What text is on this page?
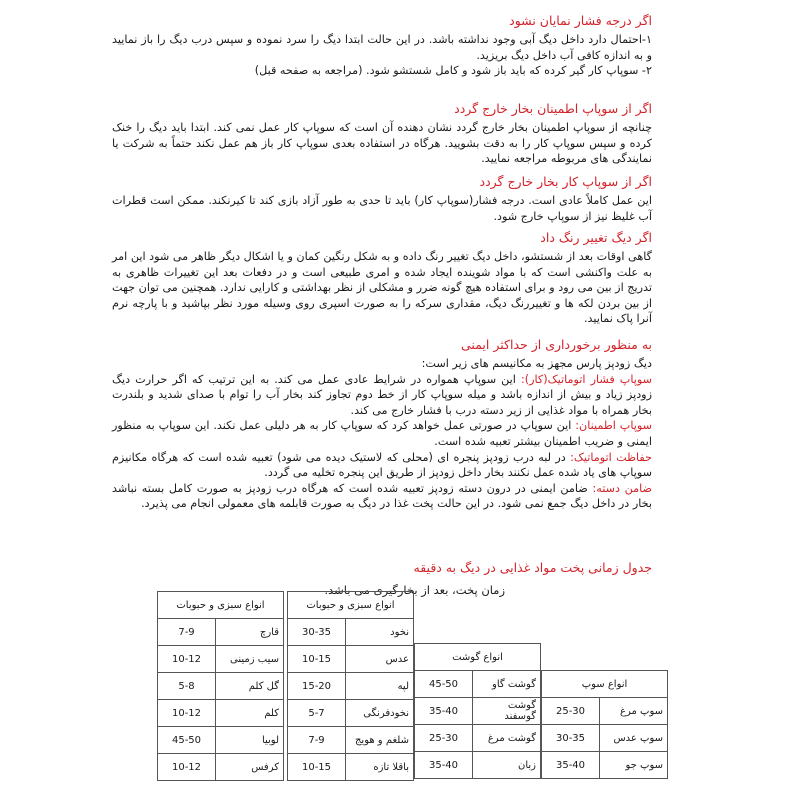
اگر درجه فشار نمایان نشود

۱-احتمال دارد داخل دیگ آبی وجود نداشته باشد. در این حالت ابتدا دیگ را سرد نموده و سپس درب دیگ را باز نمایید و به اندازه کافی آب داخل دیگ بریزید.

۲- سوپاپ کار گیر کرده که باید باز شود و کامل شستشو شود. (مراجعه به صفحه قبل)

اگر از سوپاپ اطمینان بخار خارج گردد

چنانچه از سوپاپ اطمینان بخار خارج گردد نشان دهنده آن است که سوپاپ کار عمل نمی کند. ابتدا باید دیگ را خنک کرده و سپس سوپاپ کار را به دقت بشویید. هرگاه در استفاده بعدی سوپاپ کار باز هم عمل نکند حتماً به شرکت یا نمایندگی های مربوطه مراجعه نمایید.

اگر از سوپاپ کار بخار خارج گردد

این عمل کاملاً عادی است. درجه فشار(سوپاپ کار) باید تا حدی به طور آزاد بازی کند تا کیرنکند. ممکن است قطرات آب غلیظ نیز از سوپاپ خارج شود.

اگر دیگ تغییر رنگ داد

گاهی اوقات بعد از شستشو، داخل دیگ تغییر رنگ داده و به شکل رنگین کمان و یا اشکال دیگر ظاهر می شود این امر به علت واکنشی است که با مواد شوینده ایجاد شده و امری طبیعی است و در دفعات بعد این تغییرات ظاهری به تدریج از بین می رود و برای استفاده هیچ گونه ضرر و مشکلی از نظر بهداشتی و کارایی ندارد. همچنین می توان جهت از بین بردن لکه ها و تغییررنگ دیگ، مقداری سرکه را به صورت اسپری روی وسیله مورد نظر بپاشید و با پارچه نرم آنرا پاک نمایید.

به منظور برخورداری از حداکثر ایمنی

دیگ زودپز پارس مجهز به مکانیسم های زیر است:

سوپاپ فشار اتوماتیک(کار): این سوپاپ همواره در شرایط عادی عمل می کند. به این ترتیب که اگر حرارت دیگ زودپز زیاد و بیش از اندازه باشد و میله سوپاپ کار از خط دوم تجاوز کند بخار آب را توام با صدای شدید و بلندرت بخار همراه با مواد غذایی از زیر دسته درب با فشار خارج می کند.

سوپاپ اطمینان: این سوپاپ در صورتی عمل خواهد کرد که سوپاپ کار به هر دلیلی عمل نکند. این سوپاپ به منظور ایمنی و ضریب اطمینان بیشتر تعبیه شده است.

حفاظت اتوماتیک: در لبه درب زودپز پنجره ای (محلی که لاستیک دیده می شود) تعبیه شده است که هرگاه مکانیزم سوپاپ های یاد شده عمل نکنند بخار داخل زودپز از طریق این پنجره تخلیه می گردد.

ضامن دسته: ضامن ایمنی در درون دسته زودپز تعبیه شده است که هرگاه درب زودپز به صورت کامل بسته نباشد بخار در داخل دیگ جمع نمی شود. در این حالت پخت غذا در دیگ به صورت قابلمه های معمولی انجام می پذیرد.

جدول زمانی پخت مواد غذایی در دیگ به دقیقه

زمان پخت، بعد از بخارگیری می باشد.

انواع سوپ	
سوپ مرغ	25-30
سوپ عدس	30-35
سوپ جو	35-40
انواع گوشت	
گوشت گاو	45-50
گوشت گوسفند	35-40
گوشت مرغ	25-30
زبان	35-40
انواع سبزی و حبوبات	
نخود	30-35
عدس	10-15
لپه	15-20
نخودفرنگی	5-7
شلغم و هویج	7-9
باقلا تازه	10-15
انواع سبزی و حبوبات	
قارچ	7-9
سیب زمینی	10-12
گل کلم	5-8
کلم	10-12
لوبیا	45-50
کرفس	10-12
